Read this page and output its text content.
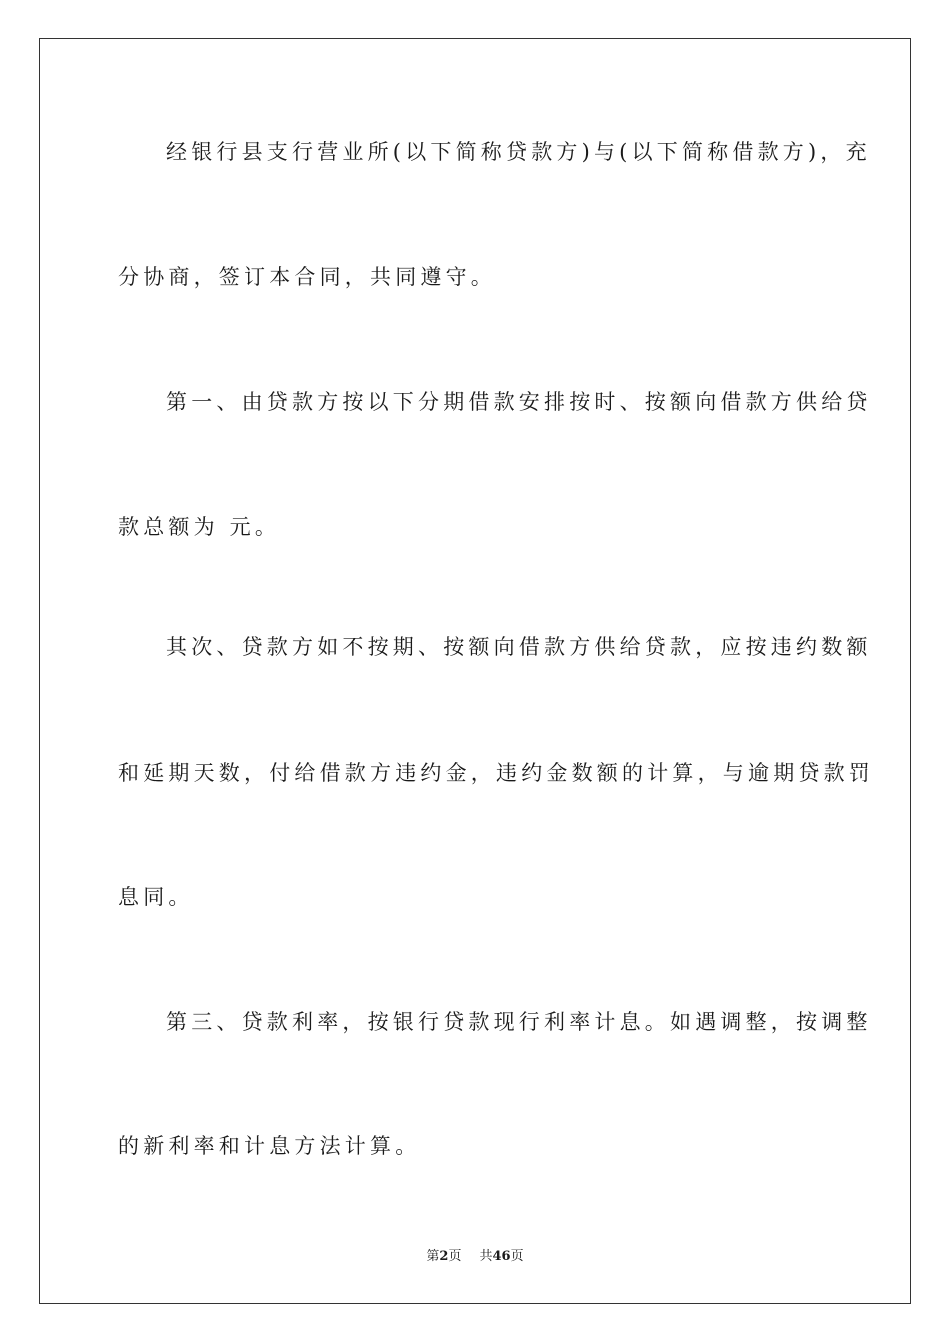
经银行县支行营业所(以下简称贷款方)与(以下简称借款方)，充

分协商，签订本合同，共同遵守。

第一、由贷款方按以下分期借款安排按时、按额向借款方供给贷

款总额为 元。

其次、贷款方如不按期、按额向借款方供给贷款，应按违约数额

和延期天数，付给借款方违约金，违约金数额的计算，与逾期贷款罚

息同。

第三、贷款利率，按银行贷款现行利率计息。如遇调整，按调整

的新利率和计息方法计算。

第2页 共46页
